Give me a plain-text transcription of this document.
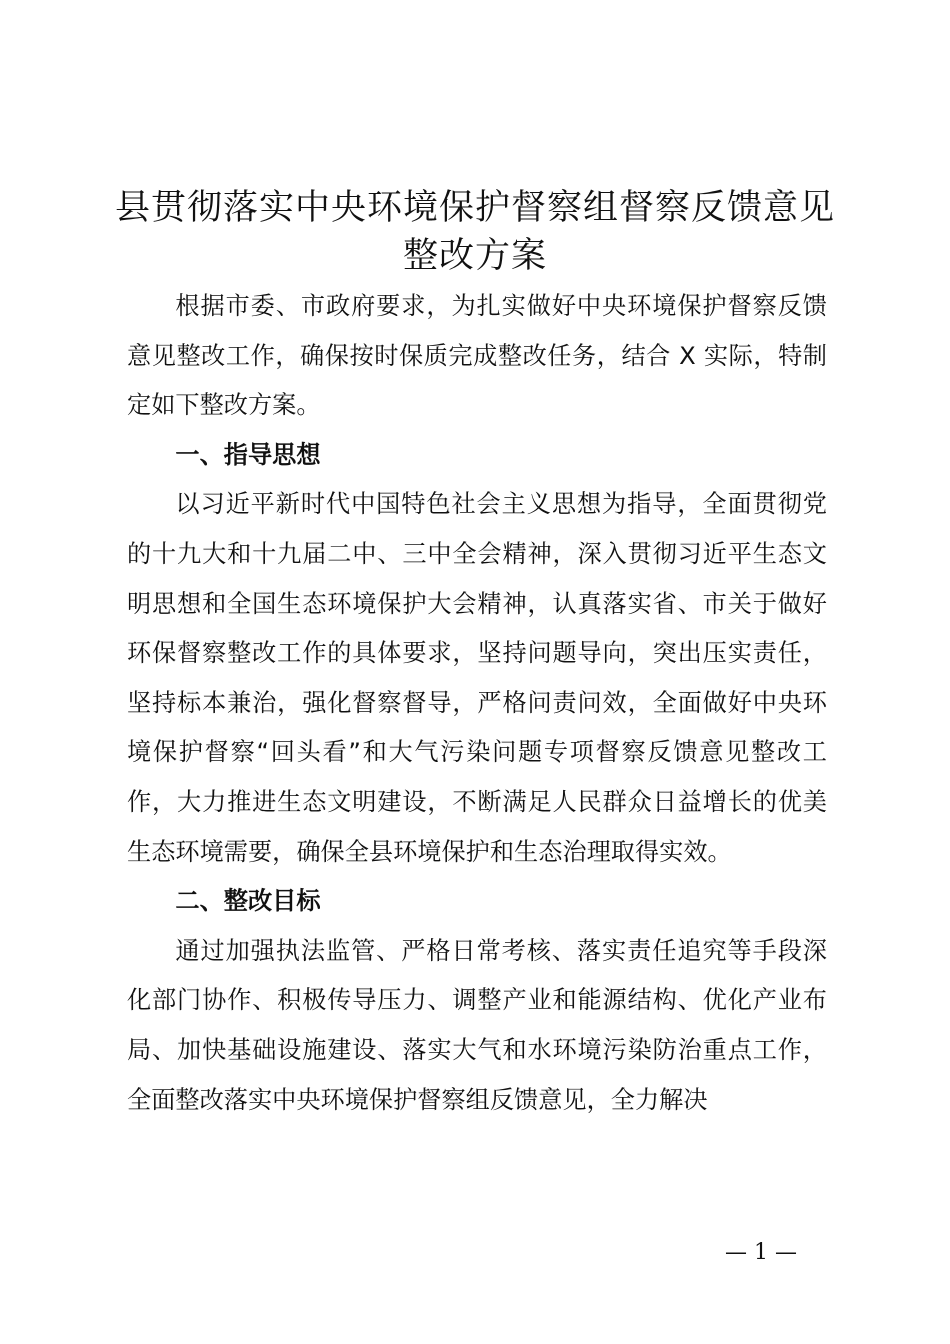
县贯彻落实中央环境保护督察组督察反馈意见
整改方案

根据市委、市政府要求，为扎实做好中央环境保护督察反馈意见整改工作，确保按时保质完成整改任务，结合 X 实际，特制定如下整改方案。

一、指导思想

以习近平新时代中国特色社会主义思想为指导，全面贯彻党的十九大和十九届二中、三中全会精神，深入贯彻习近平生态文明思想和全国生态环境保护大会精神，认真落实省、市关于做好环保督察整改工作的具体要求，坚持问题导向，突出压实责任，坚持标本兼治，强化督察督导，严格问责问效，全面做好中央环境保护督察“回头看”和大气污染问题专项督察反馈意见整改工作，大力推进生态文明建设，不断满足人民群众日益增长的优美生态环境需要，确保全县环境保护和生态治理取得实效。

二、整改目标

通过加强执法监管、严格日常考核、落实责任追究等手段深化部门协作、积极传导压力、调整产业和能源结构、优化产业布局、加快基础设施建设、落实大气和水环境污染防治重点工作，全面整改落实中央环境保护督察组反馈意见，全力解决

— 1 —
